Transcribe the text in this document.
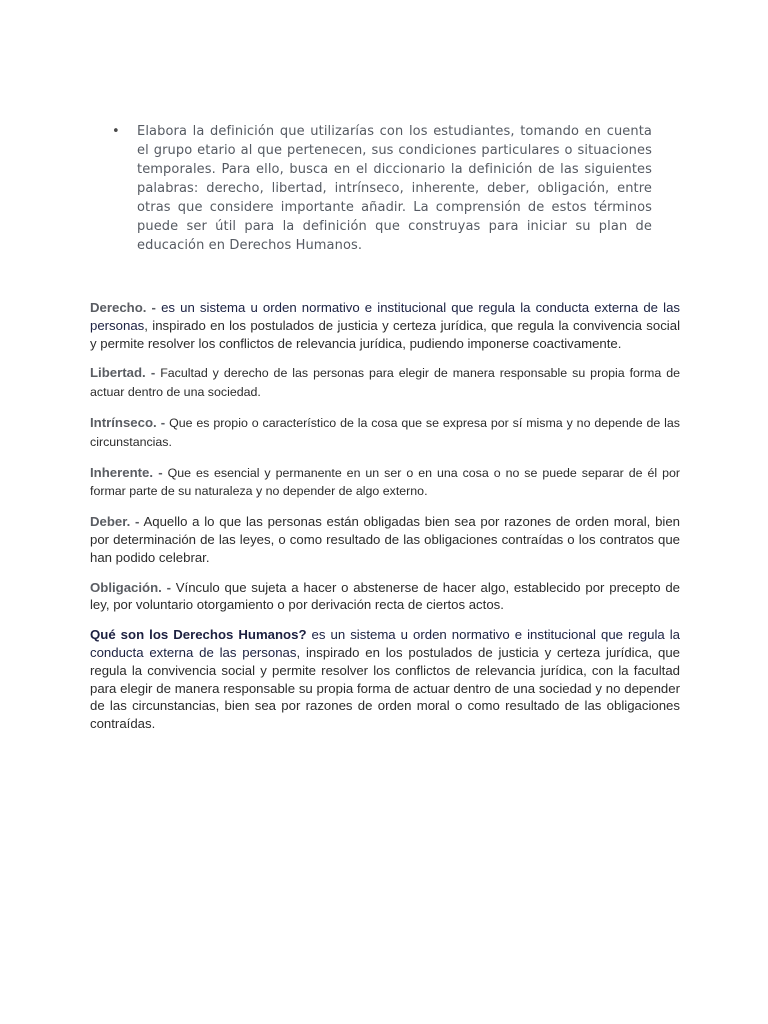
•	Elabora la definición que utilizarías con los estudiantes, tomando en cuenta el grupo etario al que pertenecen, sus condiciones particulares o situaciones temporales. Para ello, busca en el diccionario la definición de las siguientes palabras: derecho, libertad, intrínseco, inherente, deber, obligación, entre otras que considere importante añadir. La comprensión de estos términos puede ser útil para la definición que construyas para iniciar su plan de educación en Derechos Humanos.

Derecho. - es un sistema u orden normativo e institucional que regula la conducta externa de las personas, inspirado en los postulados de justicia y certeza jurídica, que regula la convivencia social y permite resolver los conflictos de relevancia jurídica, pudiendo imponerse coactivamente.

Libertad. - Facultad y derecho de las personas para elegir de manera responsable su propia forma de actuar dentro de una sociedad.

Intrínseco. - Que es propio o característico de la cosa que se expresa por sí misma y no depende de las circunstancias.

Inherente. - Que es esencial y permanente en un ser o en una cosa o no se puede separar de él por formar parte de su naturaleza y no depender de algo externo.

Deber. - Aquello a lo que las personas están obligadas bien sea por razones de orden moral, bien por determinación de las leyes, o como resultado de las obligaciones contraídas o los contratos que han podido celebrar.

Obligación. - Vínculo que sujeta a hacer o abstenerse de hacer algo, establecido por precepto de ley, por voluntario otorgamiento o por derivación recta de ciertos actos.

Qué son los Derechos Humanos? es un sistema u orden normativo e institucional que regula la conducta externa de las personas, inspirado en los postulados de justicia y certeza jurídica, que regula la convivencia social y permite resolver los conflictos de relevancia jurídica, con la facultad para elegir de manera responsable su propia forma de actuar dentro de una sociedad y no depender de las circunstancias, bien sea por razones de orden moral o como resultado de las obligaciones contraídas.
